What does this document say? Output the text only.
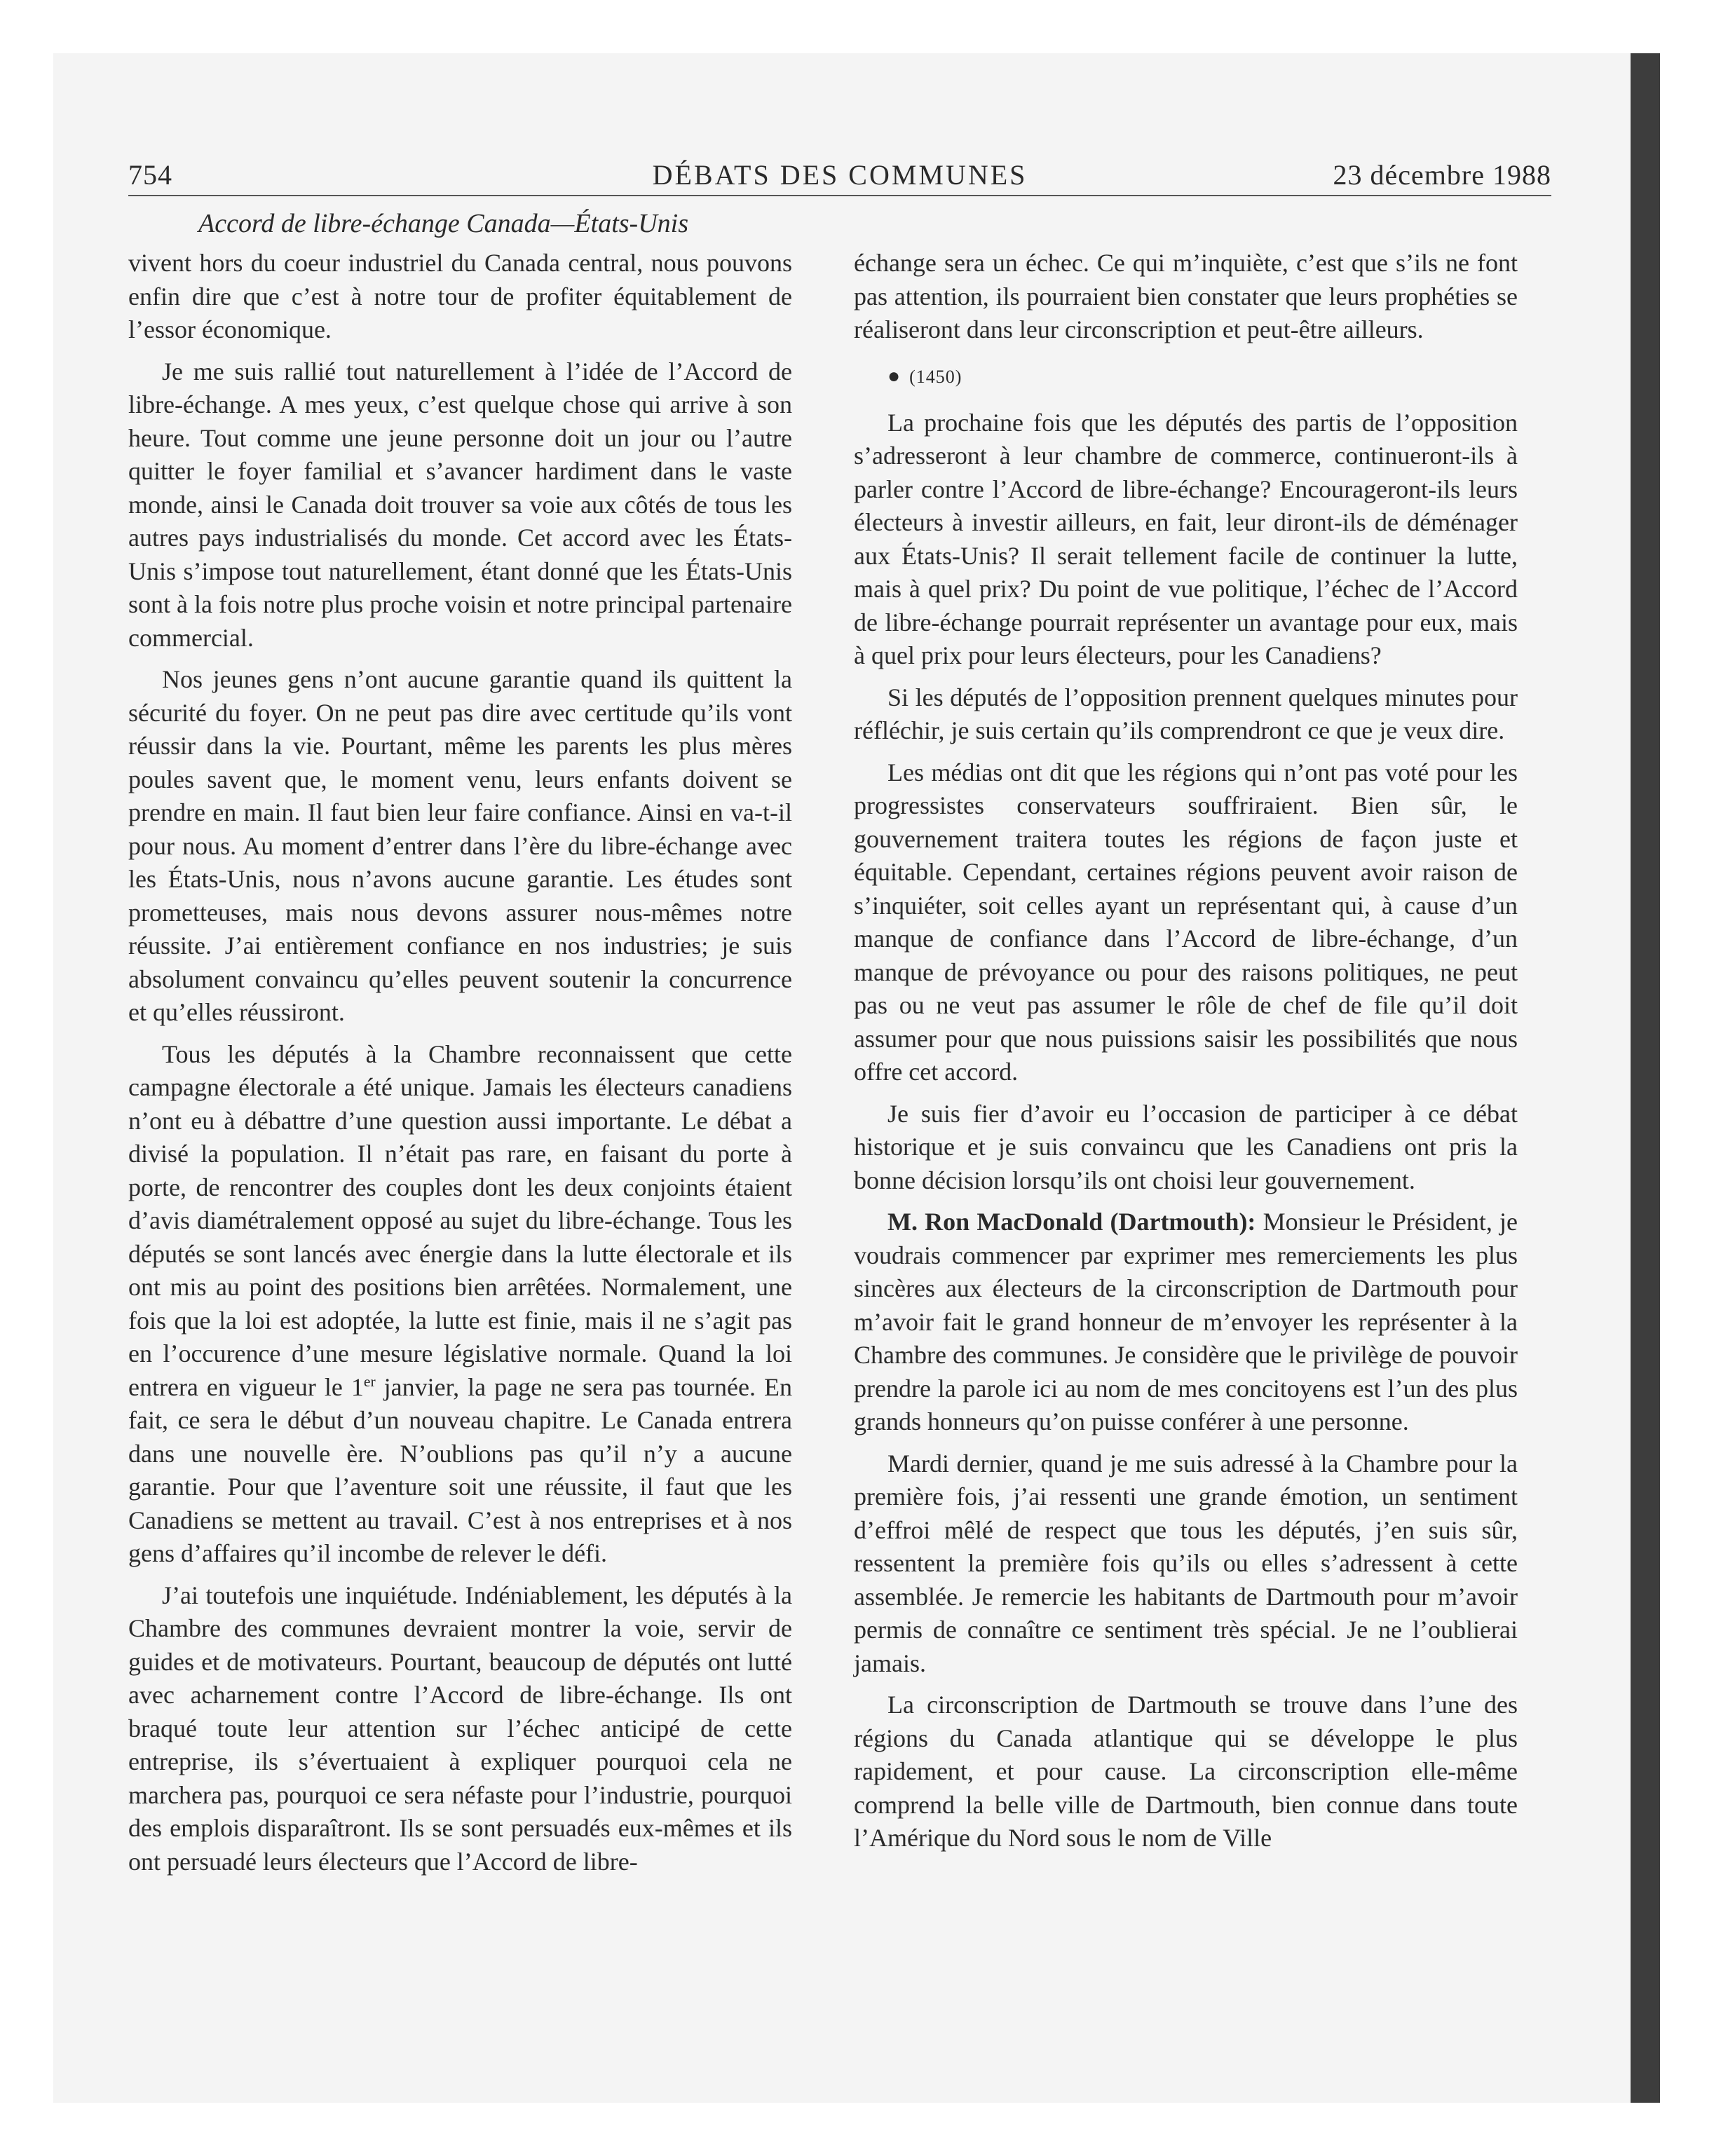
754	DÉBATS DES COMMUNES	23 décembre 1988
Accord de libre-échange Canada—États-Unis

vivent hors du coeur industriel du Canada central, nous pouvons enfin dire que c’est à notre tour de profiter équitablement de l’essor économique.

Je me suis rallié tout naturellement à l’idée de l’Accord de libre-échange. A mes yeux, c’est quelque chose qui arrive à son heure. Tout comme une jeune personne doit un jour ou l’autre quitter le foyer familial et s’avancer hardiment dans le vaste monde, ainsi le Canada doit trouver sa voie aux côtés de tous les autres pays industrialisés du monde. Cet accord avec les États-Unis s’impose tout naturellement, étant donné que les États-Unis sont à la fois notre plus proche voisin et notre principal partenaire commercial.

Nos jeunes gens n’ont aucune garantie quand ils quittent la sécurité du foyer. On ne peut pas dire avec certitude qu’ils vont réussir dans la vie. Pourtant, même les parents les plus mères poules savent que, le moment venu, leurs enfants doivent se prendre en main. Il faut bien leur faire confiance. Ainsi en va-t-il pour nous. Au moment d’entrer dans l’ère du libre-échange avec les États-Unis, nous n’avons aucune garantie. Les études sont prometteuses, mais nous devons assurer nous-mêmes notre réussite. J’ai entièrement confiance en nos industries; je suis absolument convaincu qu’elles peuvent soutenir la concurrence et qu’elles réussiront.

Tous les députés à la Chambre reconnaissent que cette campagne électorale a été unique. Jamais les électeurs canadiens n’ont eu à débattre d’une question aussi importante. Le débat a divisé la population. Il n’était pas rare, en faisant du porte à porte, de rencontrer des couples dont les deux conjoints étaient d’avis diamétralement opposé au sujet du libre-échange. Tous les députés se sont lancés avec énergie dans la lutte électorale et ils ont mis au point des positions bien arrêtées. Normalement, une fois que la loi est adoptée, la lutte est finie, mais il ne s’agit pas en l’occurence d’une mesure législative normale. Quand la loi entrera en vigueur le 1er janvier, la page ne sera pas tournée. En fait, ce sera le début d’un nouveau chapitre. Le Canada entrera dans une nouvelle ère. N’oublions pas qu’il n’y a aucune garantie. Pour que l’aventure soit une réussite, il faut que les Canadiens se mettent au travail. C’est à nos entreprises et à nos gens d’affaires qu’il incombe de relever le défi.

J’ai toutefois une inquiétude. Indéniablement, les députés à la Chambre des communes devraient montrer la voie, servir de guides et de motivateurs. Pourtant, beaucoup de députés ont lutté avec acharnement contre l’Accord de libre-échange. Ils ont braqué toute leur attention sur l’échec anticipé de cette entreprise, ils s’évertuaient à expliquer pourquoi cela ne marchera pas, pourquoi ce sera néfaste pour l’industrie, pourquoi des emplois disparaîtront. Ils se sont persuadés eux-mêmes et ils ont persuadé leurs électeurs que l’Accord de libre-

échange sera un échec. Ce qui m’inquiète, c’est que s’ils ne font pas attention, ils pourraient bien constater que leurs prophéties se réaliseront dans leur circonscription et peut-être ailleurs.

● (1450)

La prochaine fois que les députés des partis de l’opposition s’adresseront à leur chambre de commerce, continueront-ils à parler contre l’Accord de libre-échange? Encourageront-ils leurs électeurs à investir ailleurs, en fait, leur diront-ils de déménager aux États-Unis? Il serait tellement facile de continuer la lutte, mais à quel prix? Du point de vue politique, l’échec de l’Accord de libre-échange pourrait représenter un avantage pour eux, mais à quel prix pour leurs électeurs, pour les Canadiens?

Si les députés de l’opposition prennent quelques minutes pour réfléchir, je suis certain qu’ils comprendront ce que je veux dire.

Les médias ont dit que les régions qui n’ont pas voté pour les progressistes conservateurs souffriraient. Bien sûr, le gouvernement traitera toutes les régions de façon juste et équitable. Cependant, certaines régions peuvent avoir raison de s’inquiéter, soit celles ayant un représentant qui, à cause d’un manque de confiance dans l’Accord de libre-échange, d’un manque de prévoyance ou pour des raisons politiques, ne peut pas ou ne veut pas assumer le rôle de chef de file qu’il doit assumer pour que nous puissions saisir les possibilités que nous offre cet accord.

Je suis fier d’avoir eu l’occasion de participer à ce débat historique et je suis convaincu que les Canadiens ont pris la bonne décision lorsqu’ils ont choisi leur gouvernement.

M. Ron MacDonald (Dartmouth): Monsieur le Président, je voudrais commencer par exprimer mes remerciements les plus sincères aux électeurs de la circonscription de Dartmouth pour m’avoir fait le grand honneur de m’envoyer les représenter à la Chambre des communes. Je considère que le privilège de pouvoir prendre la parole ici au nom de mes concitoyens est l’un des plus grands honneurs qu’on puisse conférer à une personne.

Mardi dernier, quand je me suis adressé à la Chambre pour la première fois, j’ai ressenti une grande émotion, un sentiment d’effroi mêlé de respect que tous les députés, j’en suis sûr, ressentent la première fois qu’ils ou elles s’adressent à cette assemblée. Je remercie les habitants de Dartmouth pour m’avoir permis de connaître ce sentiment très spécial. Je ne l’oublierai jamais.

La circonscription de Dartmouth se trouve dans l’une des régions du Canada atlantique qui se développe le plus rapidement, et pour cause. La circonscription elle-même comprend la belle ville de Dartmouth, bien connue dans toute l’Amérique du Nord sous le nom de Ville
